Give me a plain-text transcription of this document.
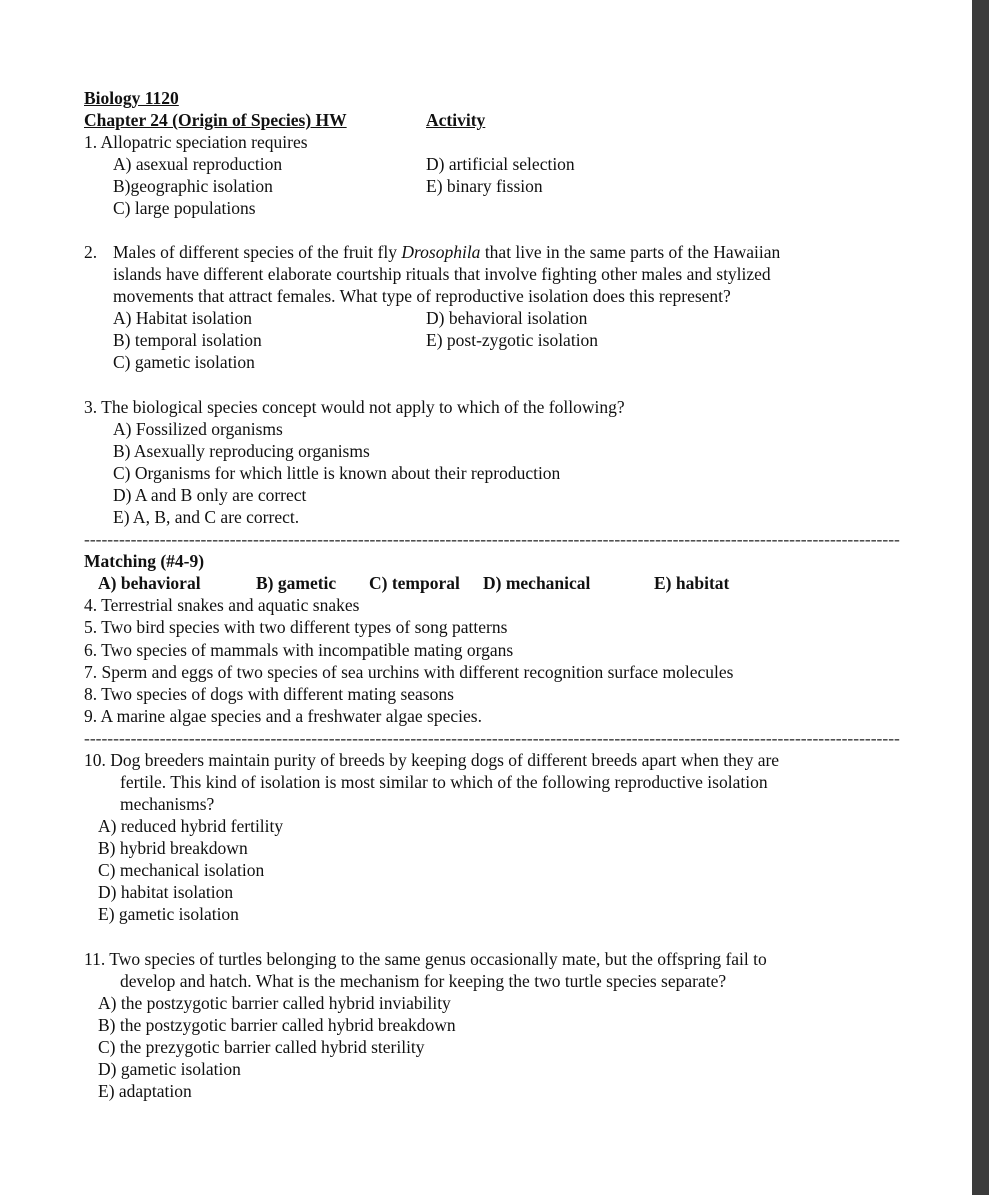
Biology 1120
Chapter 24 (Origin of Species) HW	Activity
1. Allopatric speciation requires
A) asexual reproduction
B)geographic isolation
C) large populations
D) artificial selection
E) binary fission
2. Males of different species of the fruit fly Drosophila that live in the same parts of the Hawaiian
islands have different elaborate courtship rituals that involve fighting other males and stylized
movements that attract females. What type of reproductive isolation does this represent?
A) Habitat isolation
B) temporal isolation
C) gametic isolation
D) behavioral isolation
E) post-zygotic isolation
3. The biological species concept would not apply to which of the following?
A) Fossilized organisms
B) Asexually reproducing organisms
C) Organisms for which little is known about their reproduction
D) A and B only are correct
E) A, B, and C are correct.
--------------------------------------------------------------------------------------------------------------------------------------------
Matching (#4-9)
A) behavioral	B) gametic C) temporal D) mechanical	E) habitat
4. Terrestrial snakes and aquatic snakes
5. Two bird species with two different types of song patterns
6. Two species of mammals with incompatible mating organs
7. Sperm and eggs of two species of sea urchins with different recognition surface molecules
8. Two species of dogs with different mating seasons
9. A marine algae species and a freshwater algae species.
--------------------------------------------------------------------------------------------------------------------------------------------
10. Dog breeders maintain purity of breeds by keeping dogs of different breeds apart when they are
fertile. This kind of isolation is most similar to which of the following reproductive isolation
mechanisms?
A) reduced hybrid fertility
B) hybrid breakdown
C) mechanical isolation
D) habitat isolation
E) gametic isolation
11. Two species of turtles belonging to the same genus occasionally mate, but the offspring fail to
develop and hatch. What is the mechanism for keeping the two turtle species separate?
A) the postzygotic barrier called hybrid inviability
B) the postzygotic barrier called hybrid breakdown
C) the prezygotic barrier called hybrid sterility
D) gametic isolation
E) adaptation
